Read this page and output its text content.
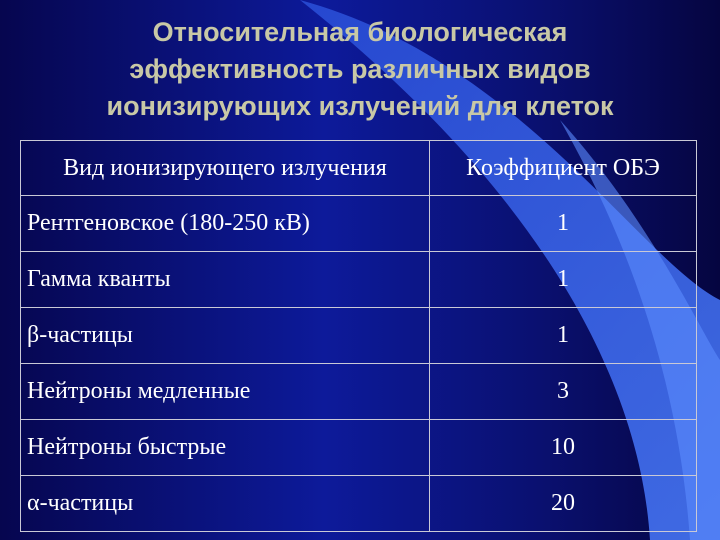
Относительная биологическая
эффективность различных видов
ионизирующих излучений для клеток
Вид ионизирующего излучения	Коэффициент ОБЭ
Рентгеновское (180-250 кВ)	1
Гамма кванты	1
β-частицы	1
Нейтроны медленные	3
Нейтроны быстрые	10
α-частицы	20
